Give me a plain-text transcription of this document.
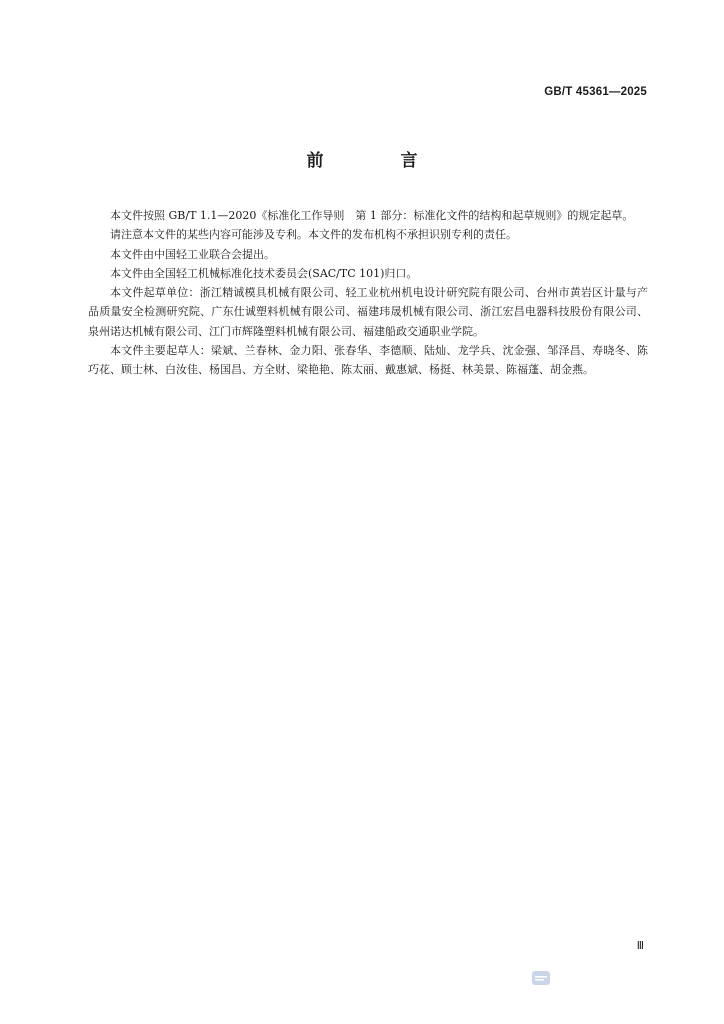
GB/T 45361—2025
前　言

本文件按照 GB/T 1.1—2020《标准化工作导则　第 1 部分：标准化文件的结构和起草规则》的规定起草。

请注意本文件的某些内容可能涉及专利。本文件的发布机构不承担识别专利的责任。

本文件由中国轻工业联合会提出。

本文件由全国轻工机械标准化技术委员会(SAC/TC 101)归口。

本文件起草单位：浙江精诚模具机械有限公司、轻工业杭州机电设计研究院有限公司、台州市黄岩区计量与产品质量安全检测研究院、广东仕诚塑料机械有限公司、福建玮晟机械有限公司、浙江宏昌电器科技股份有限公司、泉州诺达机械有限公司、江门市辉隆塑料机械有限公司、福建船政交通职业学院。

本文件主要起草人：梁斌、兰春林、金力阳、张春华、李德顺、陆灿、龙学兵、沈金强、邹泽昌、寿晓冬、陈巧花、顾士林、白汝佳、杨国昌、方全财、梁艳艳、陈太丽、戴惠斌、杨挺、林美景、陈福蓬、胡金燕。

Ⅲ
